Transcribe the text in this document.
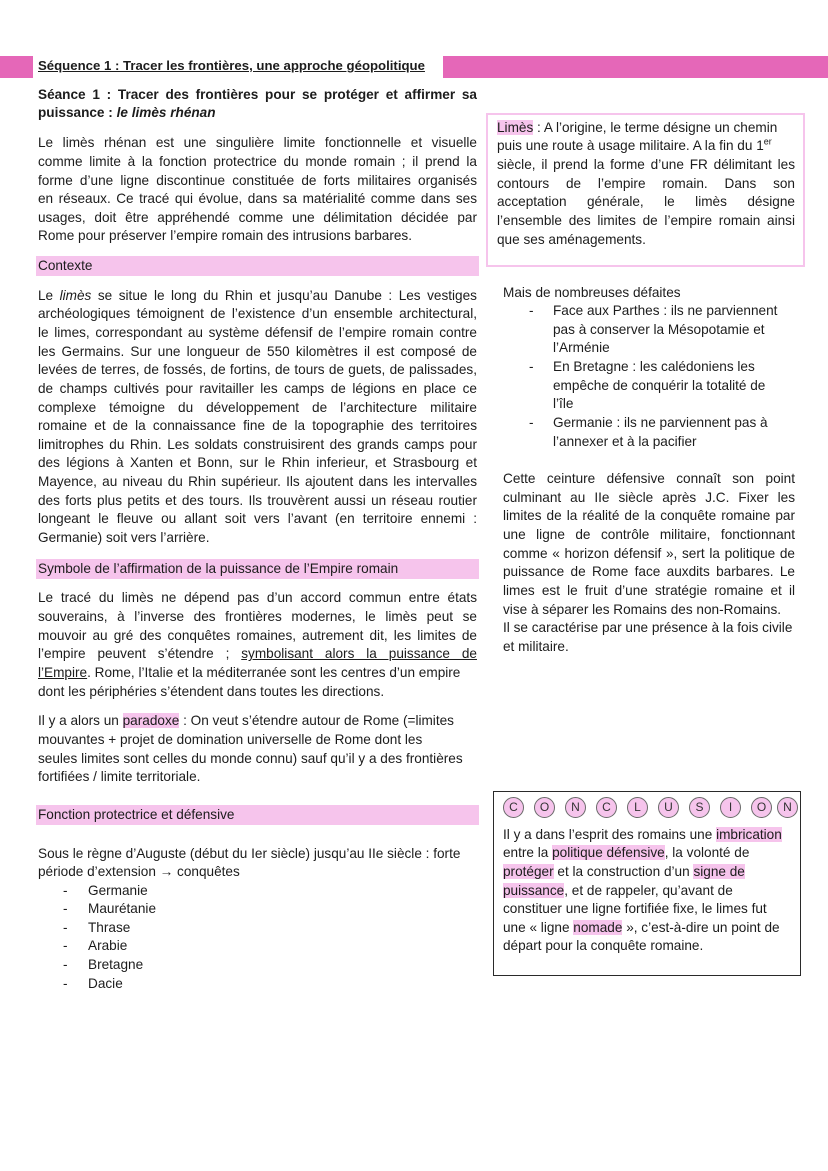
Séquence 1 : Tracer les frontières, une approche géopolitique
Séance 1 : Tracer des frontières pour se protéger et affirmer sa
puissance : le limès rhénan
Le limès rhénan est une singulière limite fonctionnelle et visuelle
comme limite à la fonction protectrice du monde romain ; il prend la
forme d’une ligne discontinue constituée de forts militaires organisés
en réseaux. Ce tracé qui évolue, dans sa matérialité comme dans ses
usages, doit être appréhendé comme une délimitation décidée par
Rome pour préserver l’empire romain des intrusions barbares.
Contexte
Le limès se situe le long du Rhin et jusqu’au Danube : Les vestiges
archéologiques témoignent de l’existence d’un ensemble architectural,
le limes, correspondant au système défensif de l’empire romain contre
les Germains. Sur une longueur de 550 kilomètres il est composé de
levées de terres, de fossés, de fortins, de tours de guets, de palissades,
de champs cultivés pour ravitailler les camps de légions en place ce
complexe témoigne du développement de l’architecture militaire
romaine et de la connaissance fine de la topographie des territoires
limitrophes du Rhin. Les soldats construisirent des grands camps pour
des légions à Xanten et Bonn, sur le Rhin inferieur, et Strasbourg et
Mayence, au niveau du Rhin supérieur. Ils ajoutent dans les intervalles
des forts plus petits et des tours. Ils trouvèrent aussi un réseau routier
longeant le fleuve ou allant soit vers l’avant (en territoire ennemi :
Germanie) soit vers l’arrière.
Symbole de l’affirmation de la puissance de l’Empire romain
Le tracé du limès ne dépend pas d’un accord commun entre états
souverains, à l’inverse des frontières modernes, le limès peut se
mouvoir au gré des conquêtes romaines, autrement dit, les limites de
l’empire peuvent s’étendre ; symbolisant alors la puissance de
l’Empire. Rome, l’Italie et la méditerranée sont les centres d’un empire
dont les périphéries s’étendent dans toutes les directions.
Il y a alors un paradoxe : On veut s’étendre autour de Rome (=limites
mouvantes + projet de domination universelle de Rome dont les
seules limites sont celles du monde connu) sauf qu’il y a des frontières
fortifiées / limite territoriale.
Fonction protectrice et défensive
Sous le règne d’Auguste (début du Ier siècle) jusqu’au IIe siècle : forte
période d’extension → conquêtes
- Germanie
- Maurétanie
- Thrase
- Arabie
- Bretagne
- Dacie
Limès : A l’origine, le terme désigne un chemin
puis une route à usage militaire. A la fin du 1er
siècle, il prend la forme d’une FR délimitant les
contours de l’empire romain. Dans son
acceptation générale, le limès désigne
l’ensemble des limites de l’empire romain ainsi
que ses aménagements.
Mais de nombreuses défaites
- Face aux Parthes : ils ne parviennent
pas à conserver la Mésopotamie et
l’Arménie
- En Bretagne : les calédoniens les
empêche de conquérir la totalité de
l’île
- Germanie : ils ne parviennent pas à
l’annexer et à la pacifier
Cette ceinture défensive connaît son point
culminant au IIe siècle après J.C. Fixer les
limites de la réalité de la conquête romaine par
une ligne de contrôle militaire, fonctionnant
comme « horizon défensif », sert la politique de
puissance de Rome face auxdits barbares. Le
limes est le fruit d’une stratégie romaine et il
vise à séparer les Romains des non-Romains.
Il se caractérise par une présence à la fois civile
et militaire.
C	O	N	C	L	U	S	I	O	N
Il y a dans l’esprit des romains une imbrication
entre la politique défensive, la volonté de
protéger et la construction d’un signe de
puissance, et de rappeler, qu’avant de
constituer une ligne fortifiée fixe, le limes fut
une « ligne nomade », c’est-à-dire un point de
départ pour la conquête romaine.
